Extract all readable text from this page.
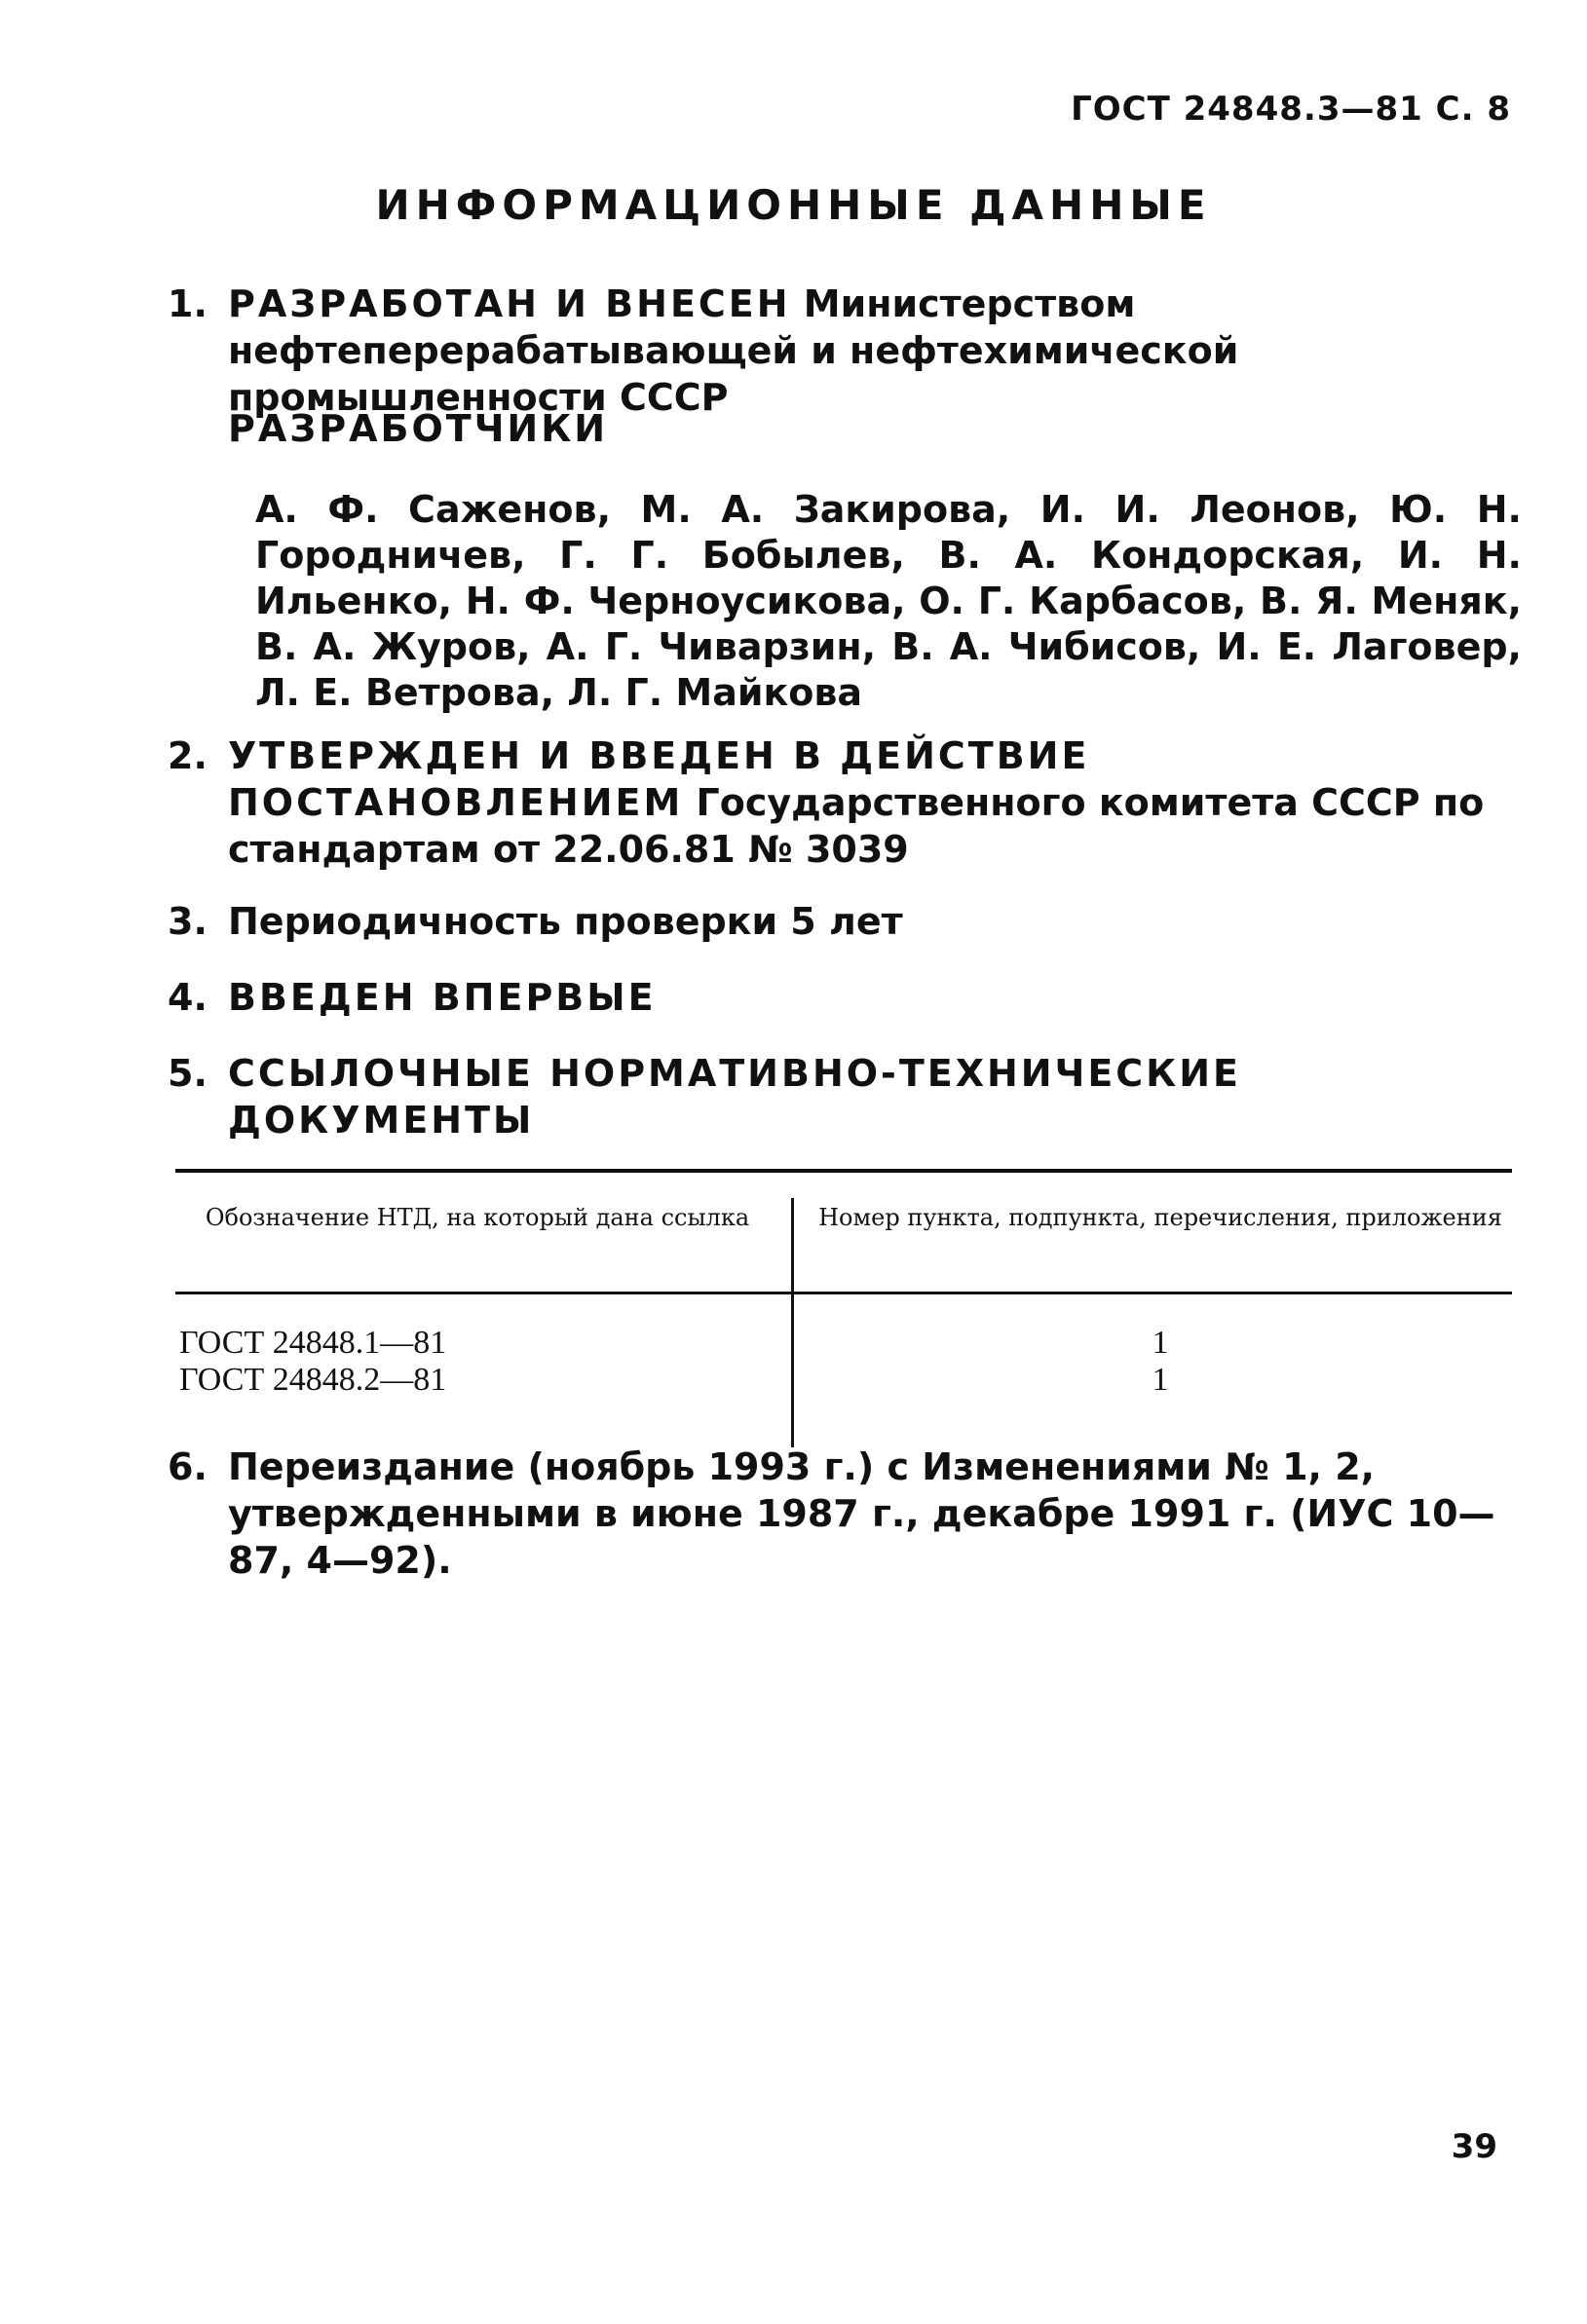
ГОСТ 24848.3—81 С. 8
ИНФОРМАЦИОННЫЕ ДАННЫЕ
1. РАЗРАБОТАН И ВНЕСЕН Министерством нефтеперерабатывающей и нефтехимической промышленности СССР
РАЗРАБОТЧИКИ
А. Ф. Саженов, М. А. Закирова, И. И. Леонов, Ю. Н. Городничев, Г. Г. Бобылев, В. А. Кондорская, И. Н. Ильенко, Н. Ф. Черноусикова, О. Г. Карбасов, В. Я. Меняк, В. А. Журов, А. Г. Чиварзин, В. А. Чибисов, И. Е. Лаговер, Л. Е. Ветрова, Л. Г. Майкова
2. УТВЕРЖДЕН И ВВЕДЕН В ДЕЙСТВИЕ ПОСТАНОВЛЕНИЕМ Государственного комитета СССР по стандартам от 22.06.81 № 3039
3. Периодичность проверки 5 лет
4. ВВЕДЕН ВПЕРВЫЕ
5. ССЫЛОЧНЫЕ НОРМАТИВНО-ТЕХНИЧЕСКИЕ ДОКУМЕНТЫ
Обозначение НТД, на который дана ссылка	Номер пункта, подпункта, перечисления, приложения
ГОСТ 24848.1—81
ГОСТ 24848.2—81
1
1
6. Переиздание (ноябрь 1993 г.) с Изменениями № 1, 2, утвержденными в июне 1987 г., декабре 1991 г. (ИУС 10—87, 4—92).
39
